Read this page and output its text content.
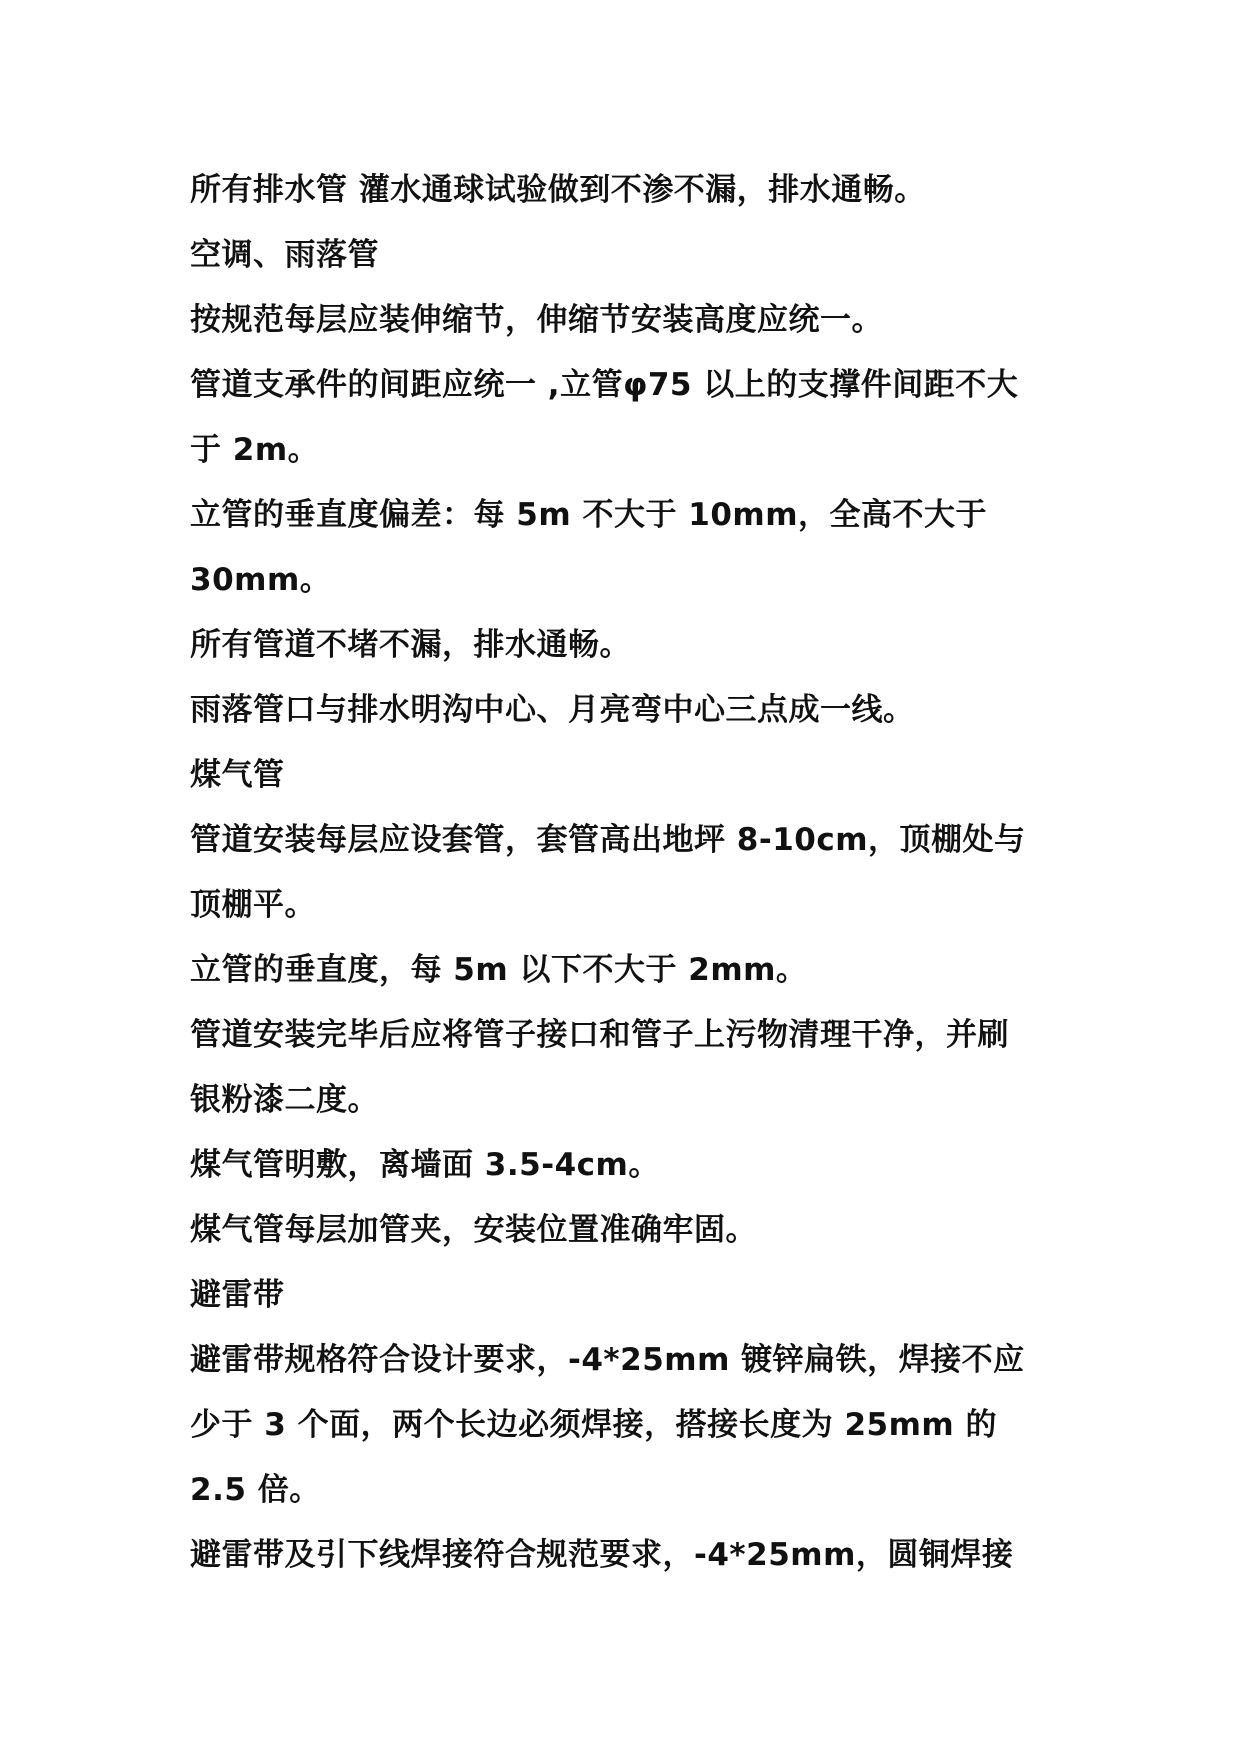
所有排水管 灌水通球试验做到不渗不漏，排水通畅。
空调、雨落管
按规范每层应装伸缩节，伸缩节安装高度应统一。
管道支承件的间距应统一 ,立管φ75 以上的支撑件间距不大
于 2m。
立管的垂直度偏差：每 5m 不大于 10mm，全高不大于
30mm。
所有管道不堵不漏，排水通畅。
雨落管口与排水明沟中心、月亮弯中心三点成一线。
煤气管
管道安装每层应设套管，套管高出地坪 8-10cm，顶棚处与
顶棚平。
立管的垂直度，每 5m 以下不大于 2mm。
管道安装完毕后应将管子接口和管子上污物清理干净，并刷
银粉漆二度。
煤气管明敷，离墙面 3.5-4cm。
煤气管每层加管夹，安装位置准确牢固。
避雷带
避雷带规格符合设计要求，-4*25mm 镀锌扁铁，焊接不应
少于 3 个面，两个长边必须焊接，搭接长度为 25mm 的
2.5 倍。
避雷带及引下线焊接符合规范要求，-4*25mm，圆铜焊接
